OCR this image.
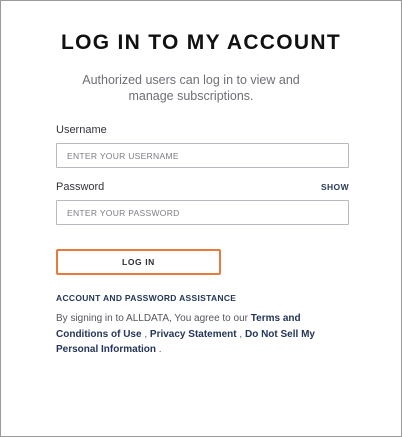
LOG IN TO MY ACCOUNT
Authorized users can log in to view and manage subscriptions.
Username
ENTER YOUR USERNAME
Password	SHOW
LOG IN
ACCOUNT AND PASSWORD ASSISTANCE
By signing in to ALLDATA, You agree to our Terms and Conditions of Use , Privacy Statement , Do Not Sell My Personal Information .
